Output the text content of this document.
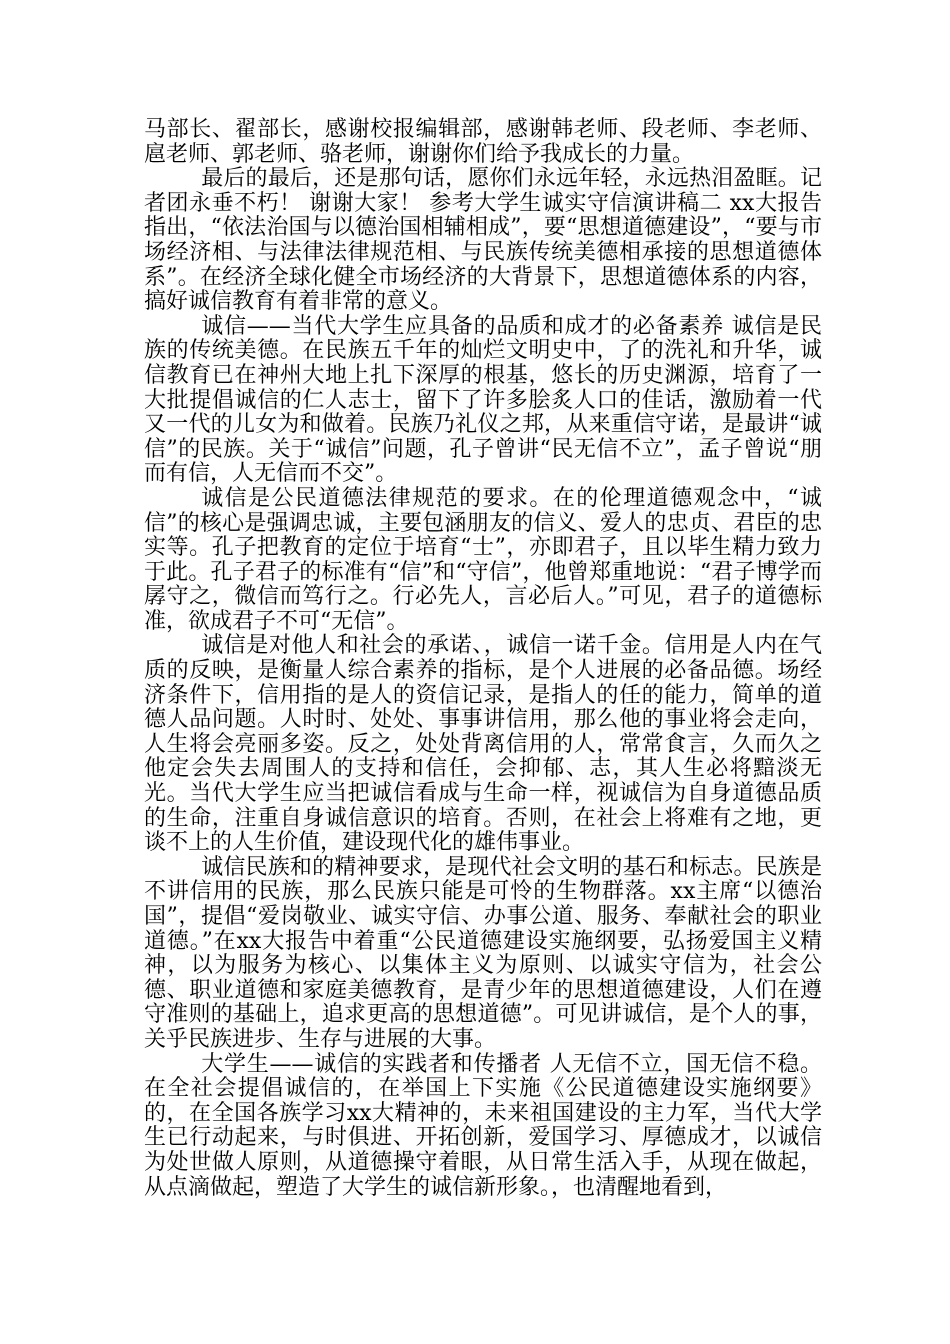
马部长、翟部长，感谢校报编辑部，感谢韩老师、段老师、李老师、扈老师、郭老师、骆老师，谢谢你们给予我成长的力量。

最后的最后，还是那句话，愿你们永远年轻，永远热泪盈眶。记者团永垂不朽！ 谢谢大家！ 参考大学生诚实守信演讲稿二 xx大报告指出，“依法治国与以德治国相辅相成”，要“思想道德建设”，“要与市场经济相、与法律法律规范相、与民族传统美德相承接的思想道德体系”。在经济全球化健全市场经济的大背景下，思想道德体系的内容，搞好诚信教育有着非常的意义。

诚信——当代大学生应具备的品质和成才的必备素养 诚信是民族的传统美德。在民族五千年的灿烂文明史中，了的洗礼和升华，诚信教育已在神州大地上扎下深厚的根基，悠长的历史渊源，培育了一大批提倡诚信的仁人志士，留下了许多脍炙人口的佳话，激励着一代又一代的儿女为和做着。民族乃礼仪之邦，从来重信守诺，是最讲“诚信”的民族。关于“诚信”问题，孔子曾讲“民无信不立”，孟子曾说“朋而有信，人无信而不交”。

诚信是公民道德法律规范的要求。在的伦理道德观念中，“诚信”的核心是强调忠诚，主要包涵朋友的信义、爱人的忠贞、君臣的忠实等。孔子把教育的定位于培育“士”，亦即君子，且以毕生精力致力于此。孔子君子的标准有“信”和“守信”，他曾郑重地说：“君子博学而孱守之，微信而笃行之。行必先人，言必后人。”可见，君子的道德标准，欲成君子不可“无信”。

诚信是对他人和社会的承诺、，诚信一诺千金。信用是人内在气质的反映，是衡量人综合素养的指标，是个人进展的必备品德。场经济条件下，信用指的是人的资信记录，是指人的任的能力，简单的道德人品问题。人时时、处处、事事讲信用，那么他的事业将会走向，人生将会亮丽多姿。反之，处处背离信用的人，常常食言，久而久之他定会失去周围人的支持和信任，会抑郁、志，其人生必将黯淡无光。当代大学生应当把诚信看成与生命一样，视诚信为自身道德品质的生命，注重自身诚信意识的培育。否则，在社会上将难有之地，更谈不上的人生价值，建设现代化的雄伟事业。

诚信民族和的精神要求，是现代社会文明的基石和标志。民族是不讲信用的民族，那么民族只能是可怜的生物群落。xx主席“以德治国”，提倡“爱岗敬业、诚实守信、办事公道、服务、奉献社会的职业道德。”在xx大报告中着重“公民道德建设实施纲要，弘扬爱国主义精神，以为服务为核心、以集体主义为原则、以诚实守信为，社会公德、职业道德和家庭美德教育，是青少年的思想道德建设，人们在遵守准则的基础上，追求更高的思想道德”。可见讲诚信，是个人的事，关乎民族进步、生存与进展的大事。

大学生——诚信的实践者和传播者 人无信不立，国无信不稳。在全社会提倡诚信的，在举国上下实施《公民道德建设实施纲要》的，在全国各族学习xx大精神的，未来祖国建设的主力军，当代大学生已行动起来，与时俱进、开拓创新，爱国学习、厚德成才，以诚信为处世做人原则，从道德操守着眼，从日常生活入手，从现在做起，从点滴做起，塑造了大学生的诚信新形象。，也清醒地看到，
